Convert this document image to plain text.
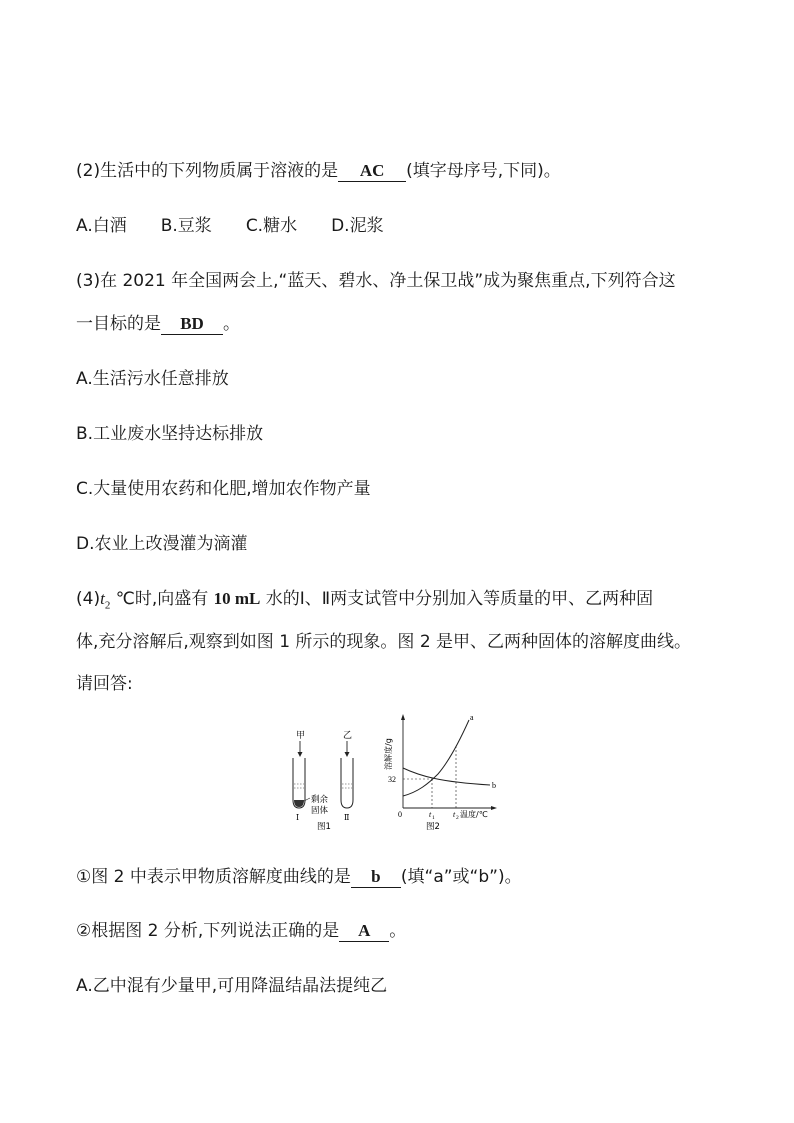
(2)生活中的下列物质属于溶液的是 AC (填字母序号,下同)。
A.白酒 B.豆浆 C.糖水 D.泥浆
(3)在 2021 年全国两会上,“蓝天、碧水、净土保卫战”成为聚焦重点,下列符合这
一目标的是 BD 。
A.生活污水任意排放
B.工业废水坚持达标排放
C.大量使用农药和化肥,增加农作物产量
D.农业上改漫灌为滴灌
$(4)t_2$ ℃时,向盛有 10 mL 水的Ⅰ、Ⅱ两支试管中分别加入等质量的甲、乙两种固
体,充分溶解后,观察到如图 1 所示的现象。图 2 是甲、乙两种固体的溶解度曲线。
请回答:
甲
剩余
固体
Ⅰ
乙
Ⅱ
图1
溶解度/g
32
0
a
b
t 1 t 2 温度/℃
图2
①图 2 中表示甲物质溶解度曲线的是 b (填“a”或“b”)。
②根据图 2 分析,下列说法正确的是 A 。
A.乙中混有少量甲,可用降温结晶法提纯乙
